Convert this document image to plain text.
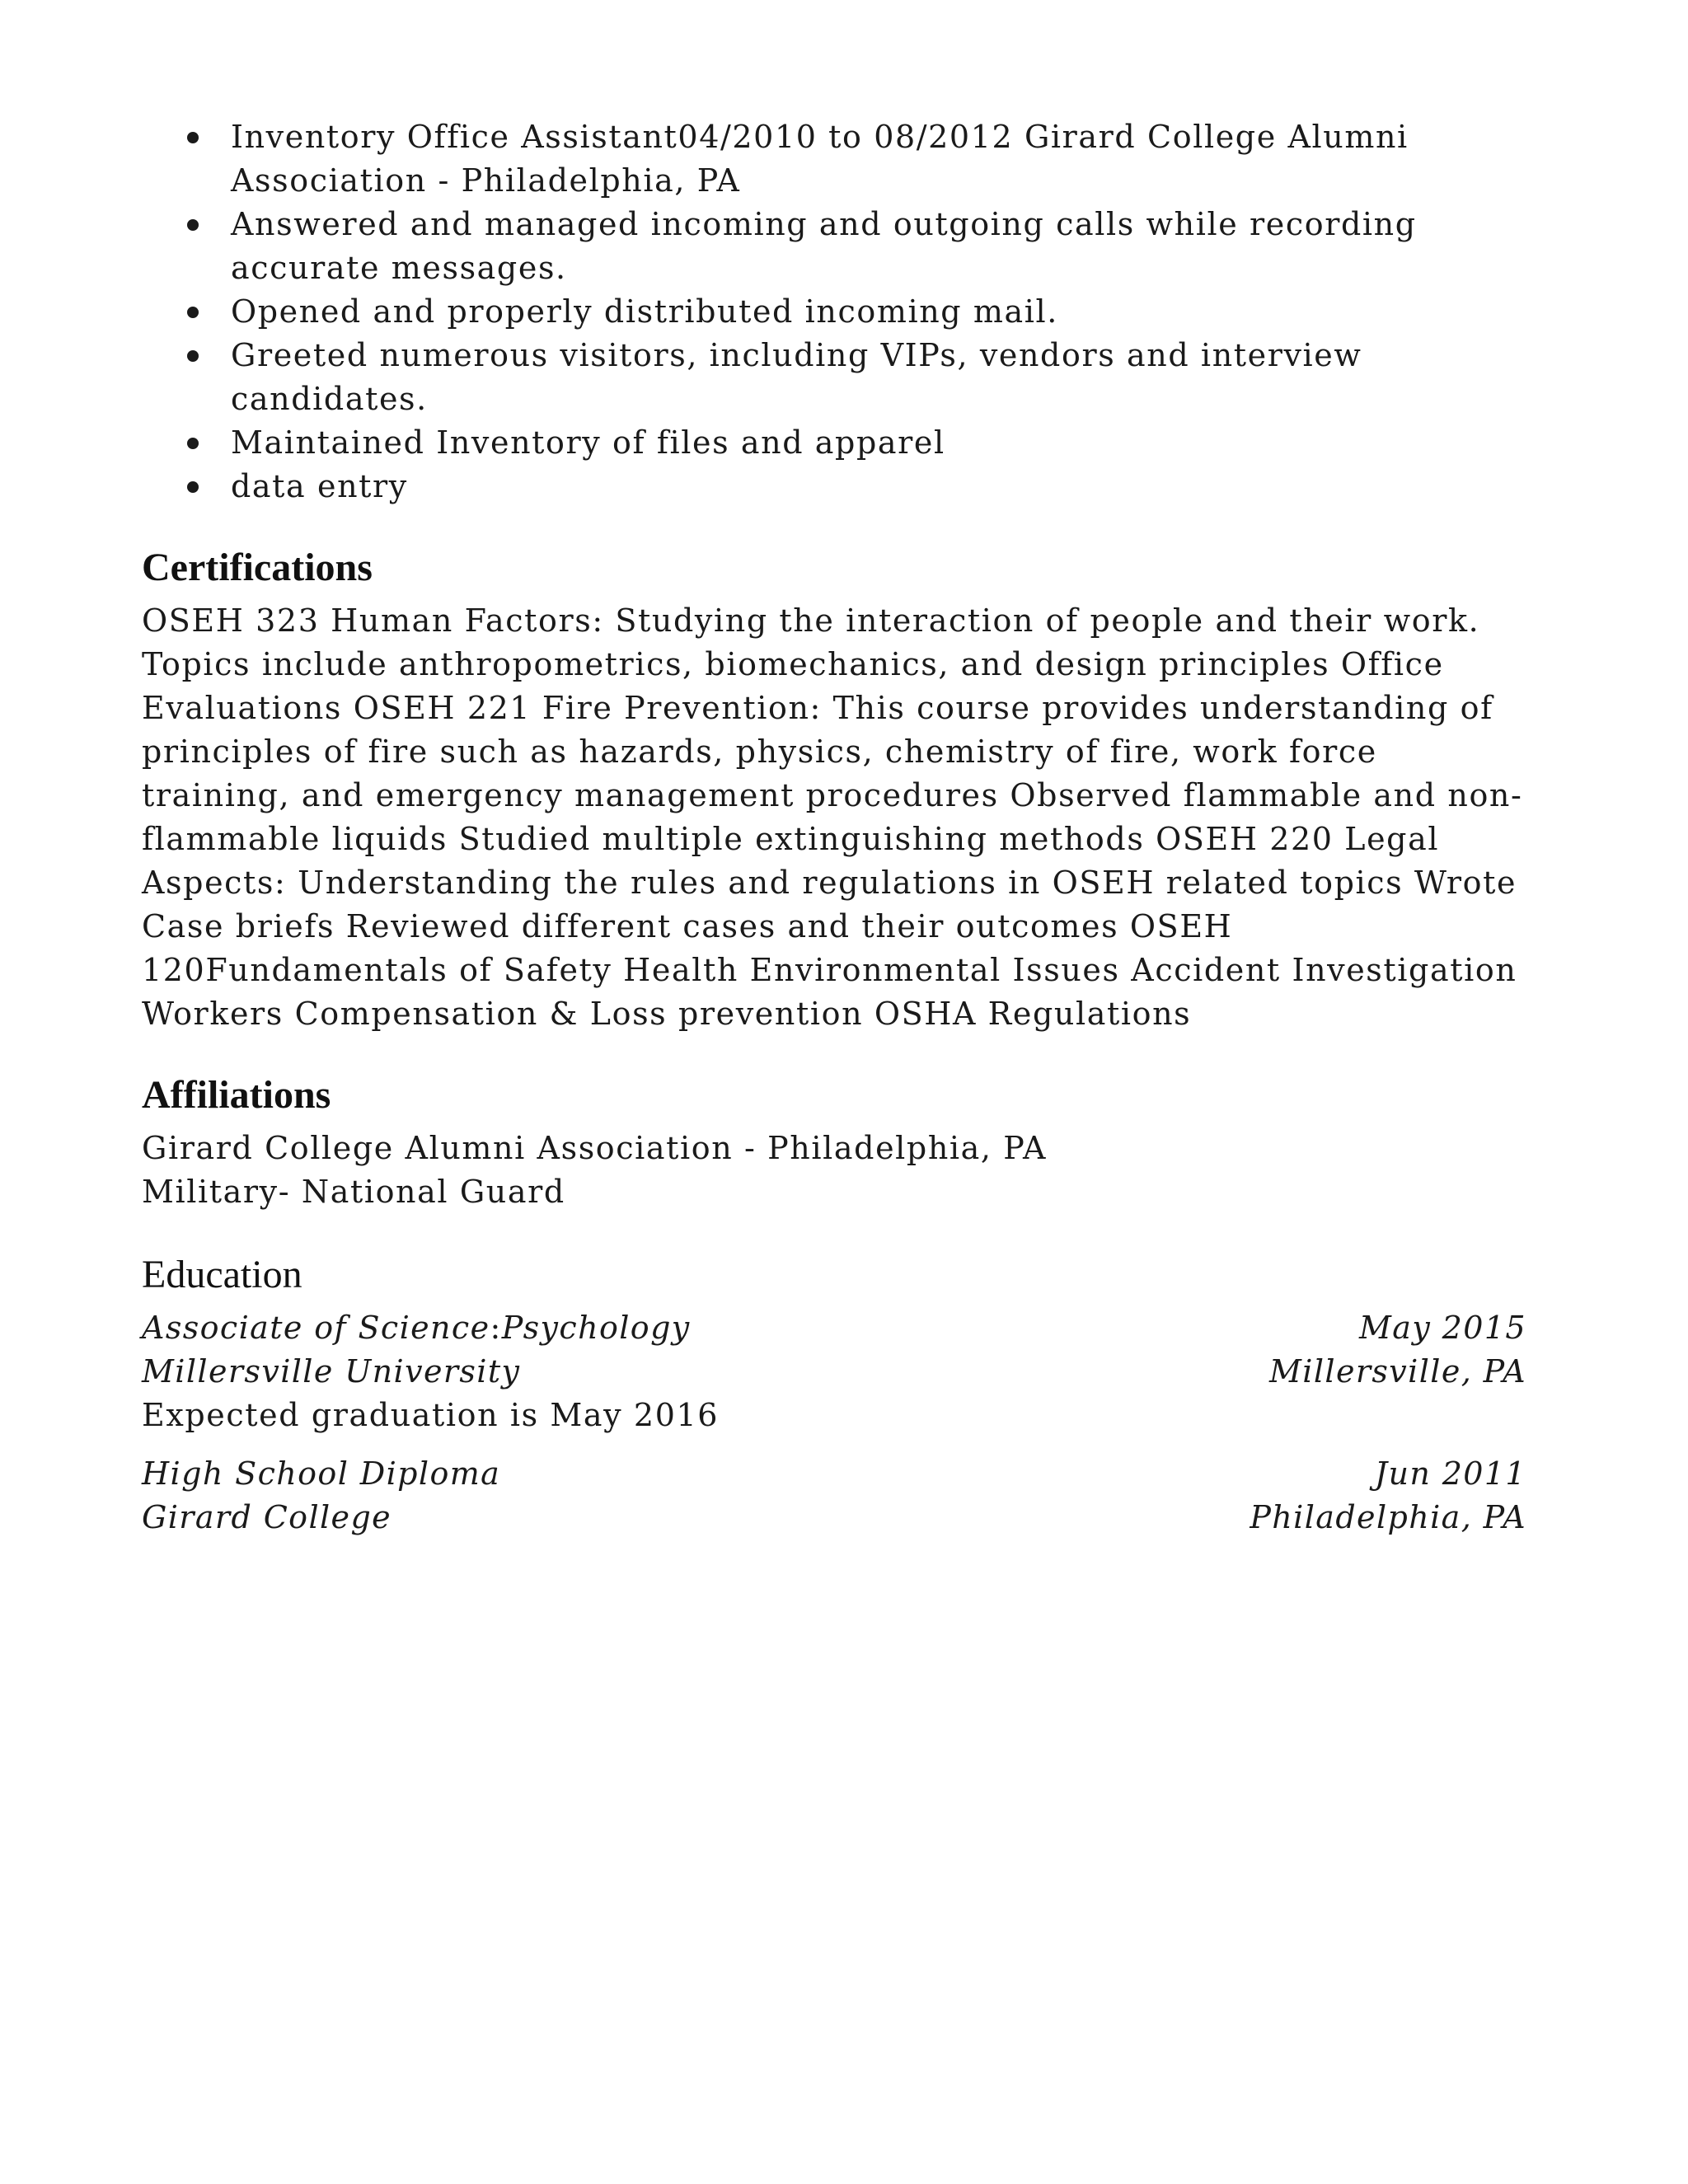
Inventory Office Assistant04/2010 to 08/2012 Girard College Alumni Association - Philadelphia, PA
Answered and managed incoming and outgoing calls while recording accurate messages.
Opened and properly distributed incoming mail.
Greeted numerous visitors, including VIPs, vendors and interview candidates.
Maintained Inventory of files and apparel
data entry
Certifications

OSEH 323 Human Factors: Studying the interaction of people and their work. Topics include anthropometrics, biomechanics, and design principles Office Evaluations OSEH 221 Fire Prevention: This course provides understanding of principles of fire such as hazards, physics, chemistry of fire, work force training, and emergency management procedures Observed flammable and non-flammable liquids Studied multiple extinguishing methods OSEH 220 Legal Aspects: Understanding the rules and regulations in OSEH related topics Wrote Case briefs Reviewed different cases and their outcomes OSEH 120Fundamentals of Safety Health Environmental Issues Accident Investigation Workers Compensation & Loss prevention OSHA Regulations

Affiliations
Girard College Alumni Association - Philadelphia, PA
Military- National Guard
Education
Associate of Science:Psychology	May 2015
Millersville University	Millersville, PA
Expected graduation is May 2016
High School Diploma	Jun 2011
Girard College	Philadelphia, PA
